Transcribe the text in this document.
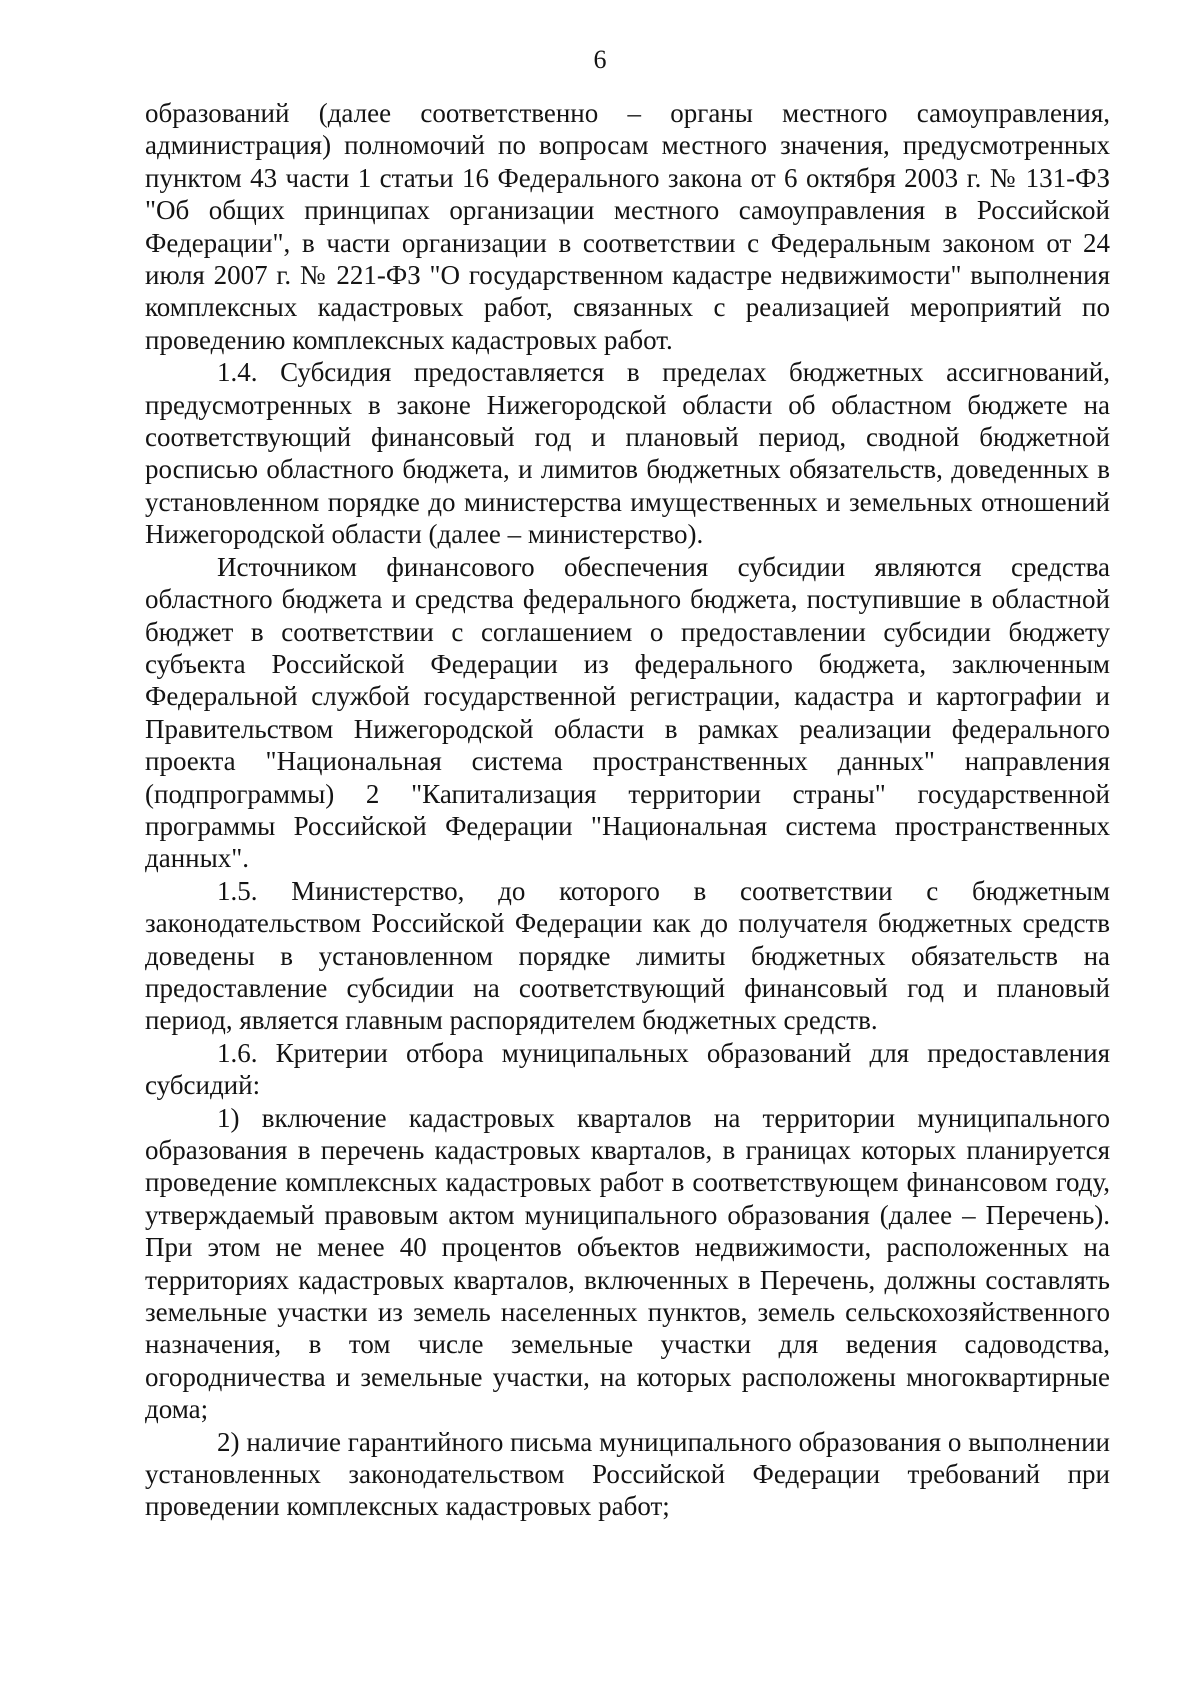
6

образований (далее соответственно – органы местного самоуправления, администрация) полномочий по вопросам местного значения, предусмотренных пунктом 43 части 1 статьи 16 Федерального закона от 6 октября 2003 г. № 131-ФЗ "Об общих принципах организации местного самоуправления в Российской Федерации", в части организации в соответствии с Федеральным законом от 24 июля 2007 г. № 221-ФЗ "О государственном кадастре недвижимости" выполнения комплексных кадастровых работ, связанных с реализацией мероприятий по проведению комплексных кадастровых работ.

1.4. Субсидия предоставляется в пределах бюджетных ассигнований, предусмотренных в законе Нижегородской области об областном бюджете на соответствующий финансовый год и плановый период, сводной бюджетной росписью областного бюджета, и лимитов бюджетных обязательств, доведенных в установленном порядке до министерства имущественных и земельных отношений Нижегородской области (далее – министерство).

Источником финансового обеспечения субсидии являются средства областного бюджета и средства федерального бюджета, поступившие в областной бюджет в соответствии с соглашением о предоставлении субсидии бюджету субъекта Российской Федерации из федерального бюджета, заключенным Федеральной службой государственной регистрации, кадастра и картографии и Правительством Нижегородской области в рамках реализации федерального проекта "Национальная система пространственных данных" направления (подпрограммы) 2 "Капитализация территории страны" государственной программы Российской Федерации "Национальная система пространственных данных".

1.5. Министерство, до которого в соответствии с бюджетным законодательством Российской Федерации как до получателя бюджетных средств доведены в установленном порядке лимиты бюджетных обязательств на предоставление субсидии на соответствующий финансовый год и плановый период, является главным распорядителем бюджетных средств.

1.6. Критерии отбора муниципальных образований для предоставления субсидий:

1) включение кадастровых кварталов на территории муниципального образования в перечень кадастровых кварталов, в границах которых планируется проведение комплексных кадастровых работ в соответствующем финансовом году, утверждаемый правовым актом муниципального образования (далее – Перечень). При этом не менее 40 процентов объектов недвижимости, расположенных на территориях кадастровых кварталов, включенных в Перечень, должны составлять земельные участки из земель населенных пунктов, земель сельскохозяйственного назначения, в том числе земельные участки для ведения садоводства, огородничества и земельные участки, на которых расположены многоквартирные дома;

2) наличие гарантийного письма муниципального образования о выполнении установленных законодательством Российской Федерации требований при проведении комплексных кадастровых работ;
